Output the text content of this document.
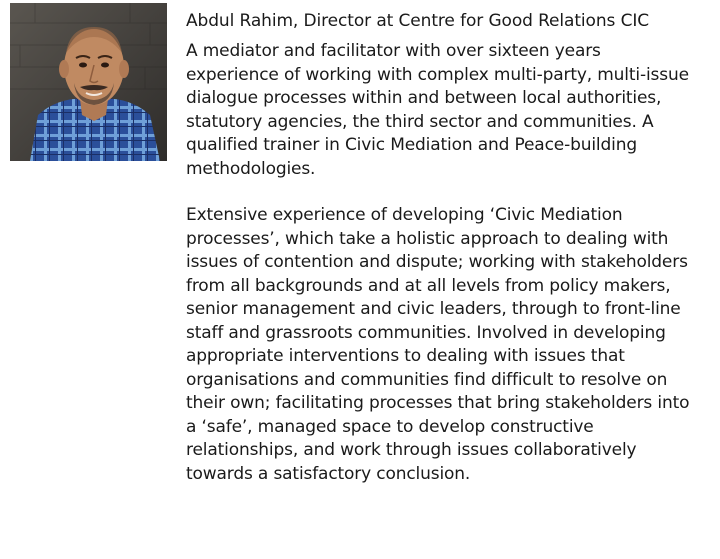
Abdul Rahim, Director at Centre for Good Relations CIC

A mediator and facilitator with over sixteen years
experience of working with complex multi-party, multi-issue
dialogue processes within and between local authorities,
statutory agencies, the third sector and communities. A
qualified trainer in Civic Mediation and Peace-building
methodologies.

Extensive experience of developing ‘Civic Mediation
processes’, which take a holistic approach to dealing with
issues of contention and dispute; working with stakeholders
from all backgrounds and at all levels from policy makers,
senior management and civic leaders, through to front-line
staff and grassroots communities. Involved in developing
appropriate interventions to dealing with issues that
organisations and communities find difficult to resolve on
their own; facilitating processes that bring stakeholders into
a ‘safe’, managed space to develop constructive
relationships, and work through issues collaboratively
towards a satisfactory conclusion.
